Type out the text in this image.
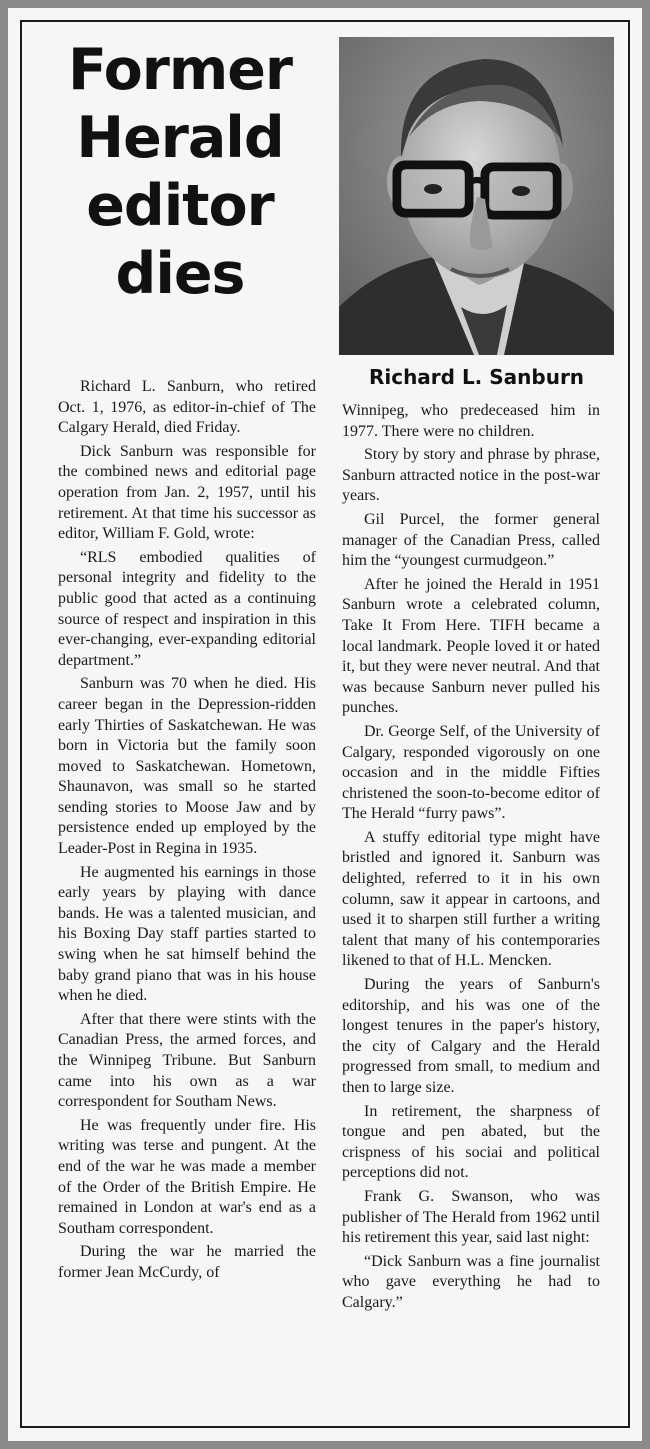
Former
Herald
editor
dies
Richard L. Sanburn

Richard L. Sanburn, who retired Oct. 1, 1976, as editor-in-chief of The Calgary Herald, died Friday.

Dick Sanburn was responsible for the combined news and editorial page operation from Jan. 2, 1957, until his retirement. At that time his successor as editor, William F. Gold, wrote:

“RLS embodied qualities of personal integrity and fidelity to the public good that acted as a continuing source of respect and inspiration in this ever-changing, ever-expanding editorial department.”

Sanburn was 70 when he died. His career began in the Depression-ridden early Thirties of Saskatchewan. He was born in Victoria but the family soon moved to Saskatchewan. Hometown, Shaunavon, was small so he started sending stories to Moose Jaw and by persistence ended up employed by the Leader-Post in Regina in 1935.

He augmented his earnings in those early years by playing with dance bands. He was a talented musician, and his Boxing Day staff parties started to swing when he sat himself behind the baby grand piano that was in his house when he died.

After that there were stints with the Canadian Press, the armed forces, and the Winnipeg Tribune. But Sanburn came into his own as a war correspondent for Southam News.

He was frequently under fire. His writing was terse and pungent. At the end of the war he was made a member of the Order of the British Empire. He remained in London at war's end as a Southam correspondent.

During the war he married the former Jean McCurdy, of

Winnipeg, who predeceased him in 1977. There were no children.

Story by story and phrase by phrase, Sanburn attracted notice in the post-war years.

Gil Purcel, the former general manager of the Canadian Press, called him the “youngest curmudgeon.”

After he joined the Herald in 1951 Sanburn wrote a celebrated column, Take It From Here. TIFH became a local landmark. People loved it or hated it, but they were never neutral. And that was because Sanburn never pulled his punches.

Dr. George Self, of the University of Calgary, responded vigorously on one occasion and in the middle Fifties christened the soon-to-become editor of The Herald “furry paws”.

A stuffy editorial type might have bristled and ignored it. Sanburn was delighted, referred to it in his own column, saw it appear in cartoons, and used it to sharpen still further a writing talent that many of his contemporaries likened to that of H.L. Mencken.

During the years of Sanburn's editorship, and his was one of the longest tenures in the paper's history, the city of Calgary and the Herald progressed from small, to medium and then to large size.

In retirement, the sharpness of tongue and pen abated, but the crispness of his sociai and political perceptions did not.

Frank G. Swanson, who was publisher of The Herald from 1962 until his retirement this year, said last night:

“Dick Sanburn was a fine journalist who gave everything he had to Calgary.”
